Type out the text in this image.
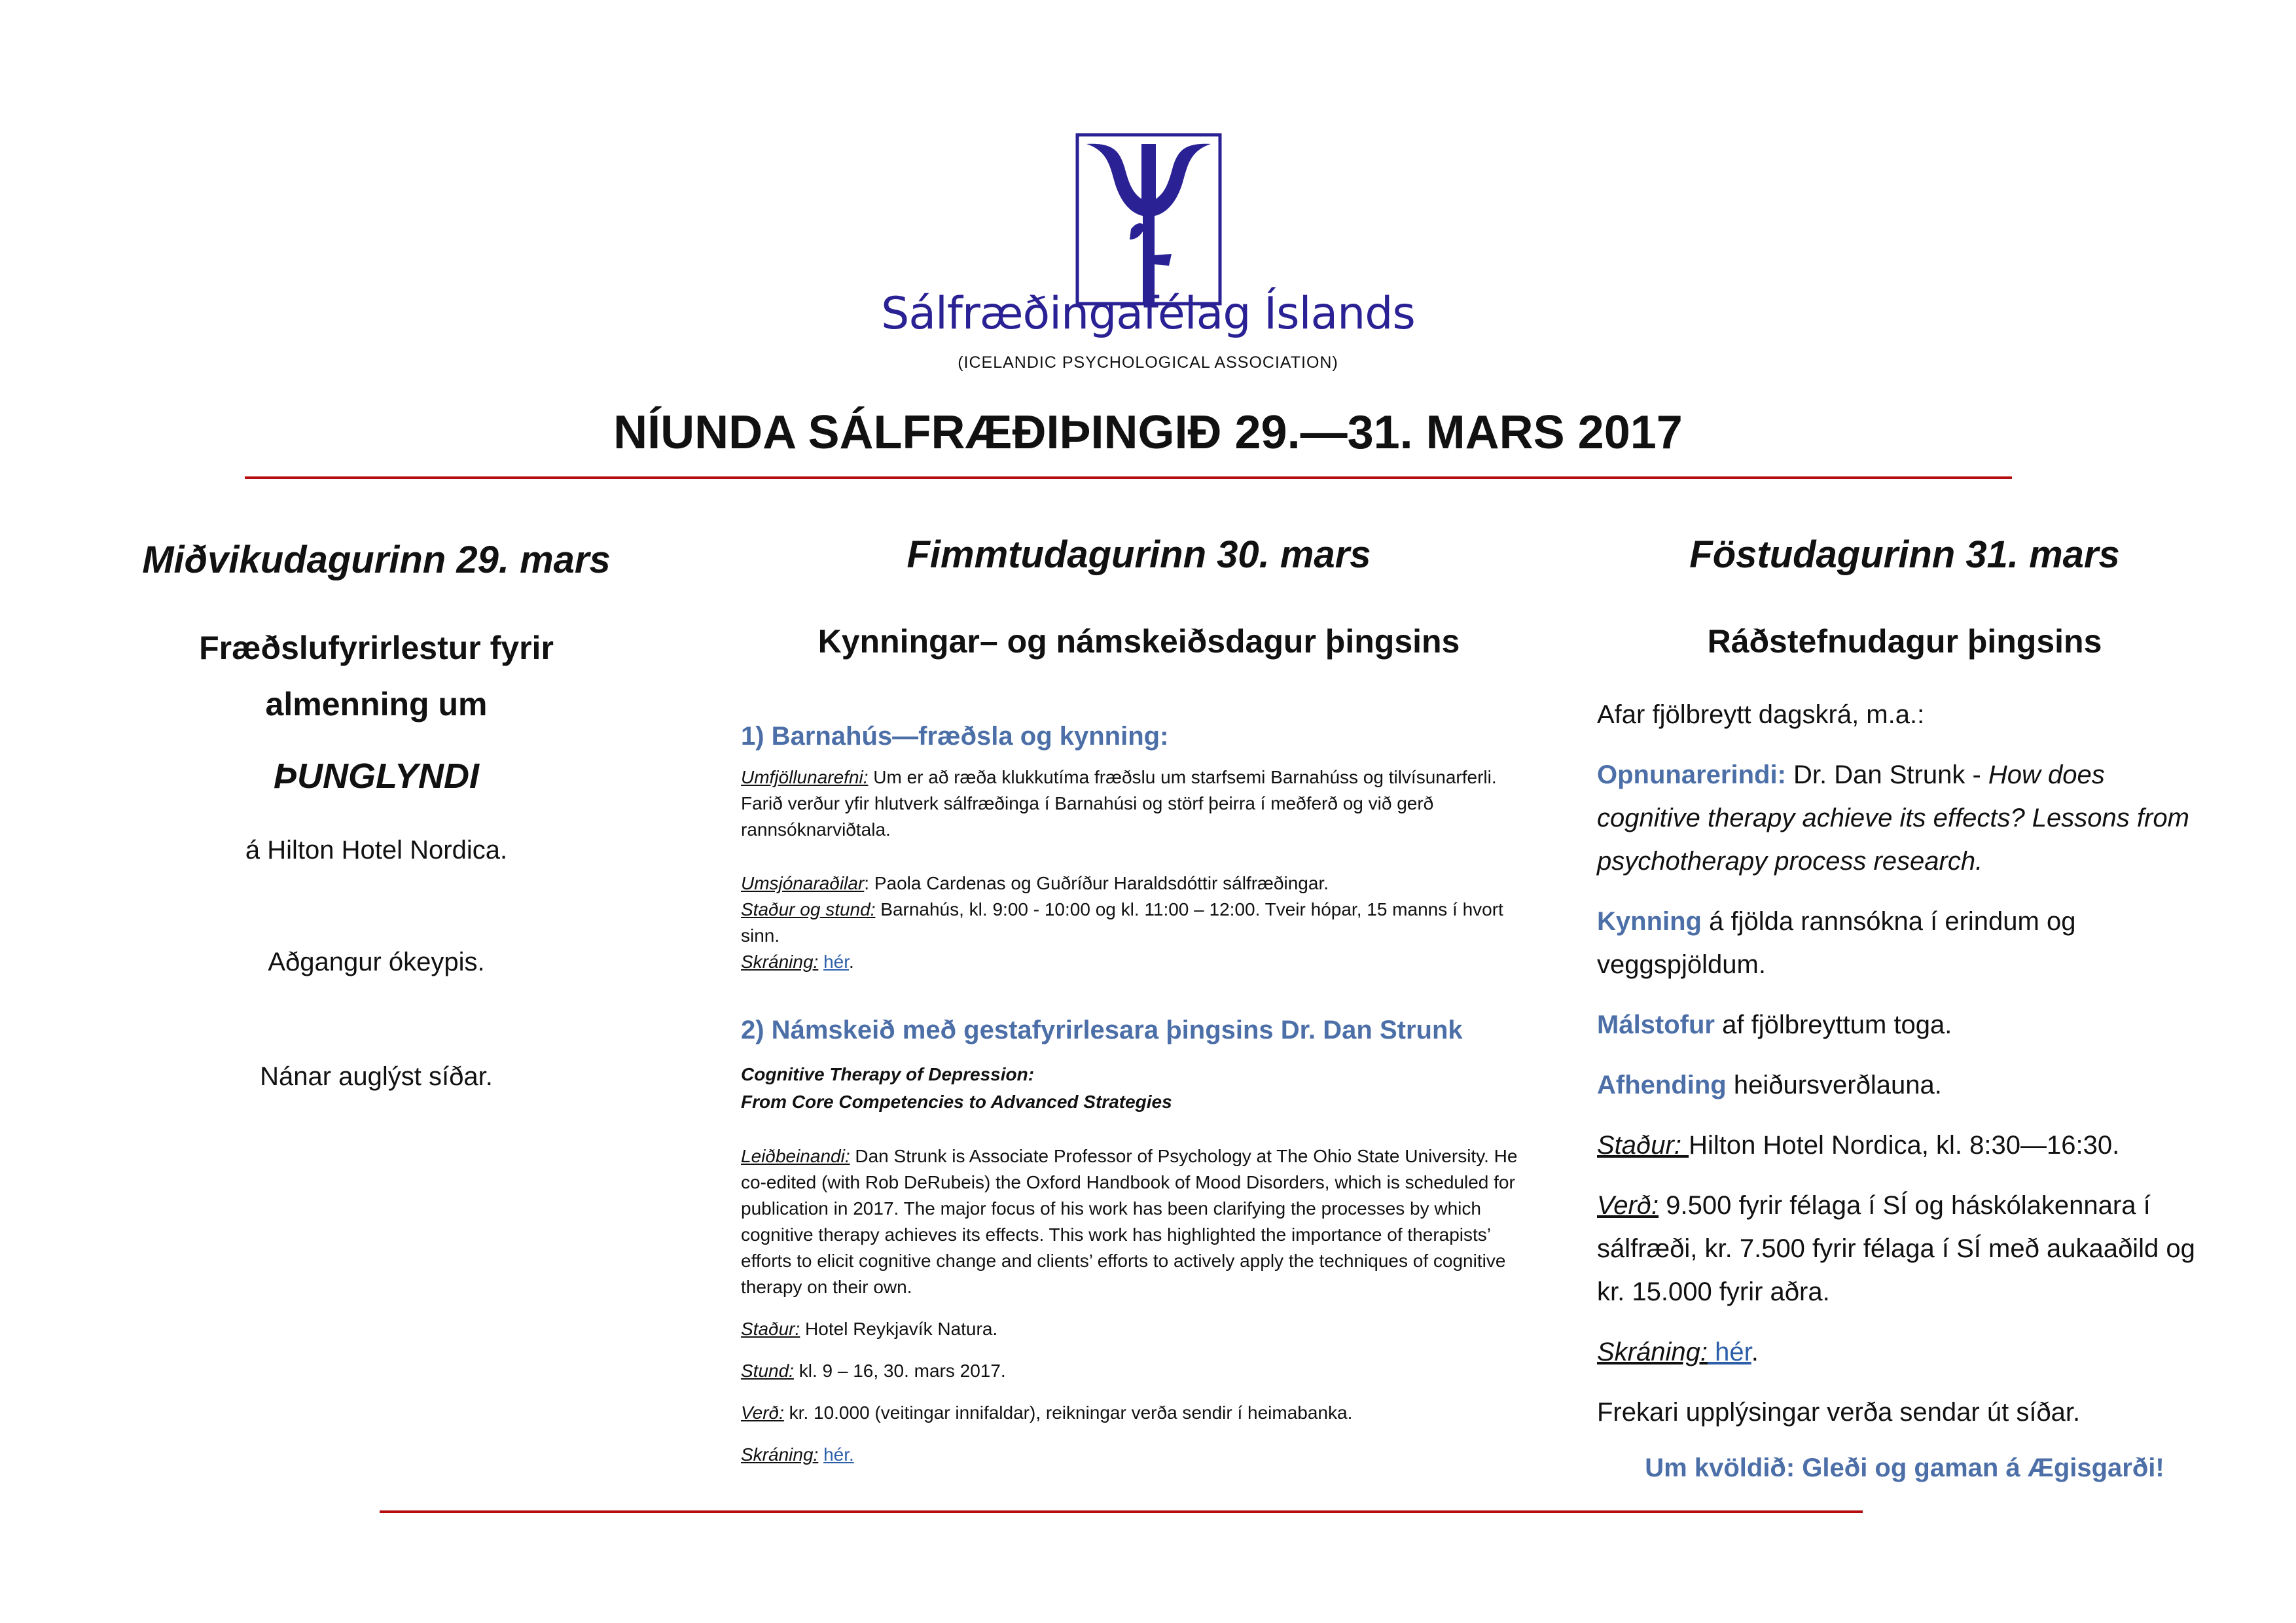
Sálfræðingafélag Íslands
(ICELANDIC PSYCHOLOGICAL ASSOCIATION)
NÍUNDA SÁLFRÆÐIÞINGIÐ 29.—31. MARS 2017
Miðvikudagurinn 29. mars
Fræðslufyrirlestur fyrir
almenning um
ÞUNGLYNDI
á Hilton Hotel Nordica.
Aðgangur ókeypis.
Nánar auglýst síðar.
Fimmtudagurinn 30. mars
Kynningar– og námskeiðsdagur þingsins
1) Barnahús—fræðsla og kynning:
Umfjöllunarefni: Um er að ræða klukkutíma fræðslu um starfsemi Barnahúss og tilvísunarferli. Farið verður yfir hlutverk sálfræðinga í Barnahúsi og störf þeirra í meðferð og við gerð rannsóknarviðtala.
Umsjónaraðilar: Paola Cardenas og Guðríður Haraldsdóttir sálfræðingar.
Staður og stund: Barnahús, kl. 9:00 - 10:00 og kl. 11:00 – 12:00. Tveir hópar, 15 manns í hvort sinn.
Skráning: hér.
2) Námskeið með gestafyrirlesara þingsins Dr. Dan Strunk
Cognitive Therapy of Depression:
From Core Competencies to Advanced Strategies
Leiðbeinandi: Dan Strunk is Associate Professor of Psychology at The Ohio State University. He co-edited (with Rob DeRubeis) the Oxford Handbook of Mood Disorders, which is scheduled for publication in 2017. The major focus of his work has been clarifying the processes by which cognitive therapy achieves its effects. This work has highlighted the importance of therapists’ efforts to elicit cognitive change and clients’ efforts to actively apply the techniques of cognitive therapy on their own.
Staður: Hotel Reykjavík Natura.
Stund: kl. 9 – 16, 30. mars 2017.
Verð: kr. 10.000 (veitingar innifaldar), reikningar verða sendir í heimabanka.
Skráning: hér.
Föstudagurinn 31. mars
Ráðstefnudagur þingsins
Afar fjölbreytt dagskrá, m.a.:
Opnunarerindi: Dr. Dan Strunk - How does cognitive therapy achieve its effects? Lessons from psychotherapy process research.
Kynning á fjölda rannsókna í erindum og veggspjöldum.
Málstofur af fjölbreyttum toga.
Afhending heiðursverðlauna.
Staður: Hilton Hotel Nordica, kl. 8:30—16:30.
Verð: 9.500 fyrir félaga í SÍ og háskólakennara í sálfræði, kr. 7.500 fyrir félaga í SÍ með aukaaðild og kr. 15.000 fyrir aðra.
Skráning: hér.
Frekari upplýsingar verða sendar út síðar.
Um kvöldið: Gleði og gaman á Ægisgarði!
